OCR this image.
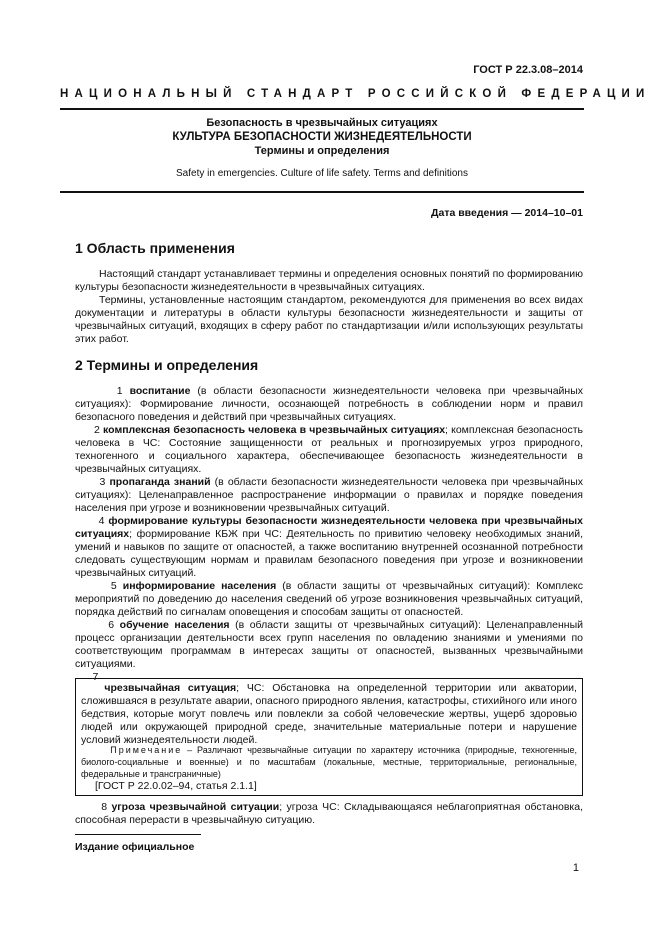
ГОСТ Р 22.3.08–2014
НАЦИОНАЛЬНЫЙ СТАНДАРТ РОССИЙСКОЙ ФЕДЕРАЦИИ
Безопасность в чрезвычайных ситуациях
КУЛЬТУРА БЕЗОПАСНОСТИ ЖИЗНЕДЕЯТЕЛЬНОСТИ
Термины и определения
Safety in emergencies. Culture of life safety. Terms and definitions
Дата введения — 2014–10–01
1 Область применения

Настоящий стандарт устанавливает термины и определения основных понятий по формированию культуры безопасности жизнедеятельности в чрезвычайных ситуациях.

Термины, установленные настоящим стандартом, рекомендуются для применения во всех видах документации и литературы в области культуры безопасности жизнедеятельности и защиты от чрезвычайных ситуаций, входящих в сферу работ по стандартизации и/или использующих результаты этих работ.

2 Термины и определения

1 воспитание (в области безопасности жизнедеятельности человека при чрезвычайных ситуациях): Формирование личности, осознающей потребность в соблюдении норм и правил безопасного поведения и действий при чрезвычайных ситуациях.

2 комплексная безопасность человека в чрезвычайных ситуациях; комплексная безопасность человека в ЧС: Состояние защищенности от реальных и прогнозируемых угроз природного, техногенного и социального характера, обеспечивающее безопасность жизнедеятельности в чрезвычайных ситуациях.

3 пропаганда знаний (в области безопасности жизнедеятельности человека при чрезвычайных ситуациях): Целенаправленное распространение информации о правилах и порядке поведения населения при угрозе и возникновении чрезвычайных ситуаций.

4 формирование культуры безопасности жизнедеятельности человека при чрезвычайных ситуациях; формирование КБЖ при ЧС: Деятельность по привитию человеку необходимых знаний, умений и навыков по защите от опасностей, а также воспитанию внутренней осознанной потребности следовать существующим нормам и правилам безопасного поведения при угрозе и возникновении чрезвычайных ситуаций.

5 информирование населения (в области защиты от чрезвычайных ситуаций): Комплекс мероприятий по доведению до населения сведений об угрозе возникновения чрезвычайных ситуаций, порядка действий по сигналам оповещения и способам защиты от опасностей.

6 обучение населения (в области защиты от чрезвычайных ситуаций): Целенаправленный процесс организации деятельности всех групп населения по овладению знаниями и умениями по соответствующим программам в интересах защиты от опасностей, вызванных чрезвычайными ситуациями.

7

чрезвычайная ситуация; ЧС: Обстановка на определенной территории или акватории, сложившаяся в результате аварии, опасного природного явления, катастрофы, стихийного или иного бедствия, которые могут повлечь или повлекли за собой человеческие жертвы, ущерб здоровью людей или окружающей природной среде, значительные материальные потери и нарушение условий жизнедеятельности людей.
Примечание – Различают чрезвычайные ситуации по характеру источника (природные, техногенные, биолого-социальные и военные) и по масштабам (локальные, местные, территориальные, региональные, федеральные и трансграничные)
[ГОСТ Р 22.0.02–94, статья 2.1.1]

8 угроза чрезвычайной ситуации; угроза ЧС: Складывающаяся неблагоприятная обстановка, способная перерасти в чрезвычайную ситуацию.

Издание официальное
1
